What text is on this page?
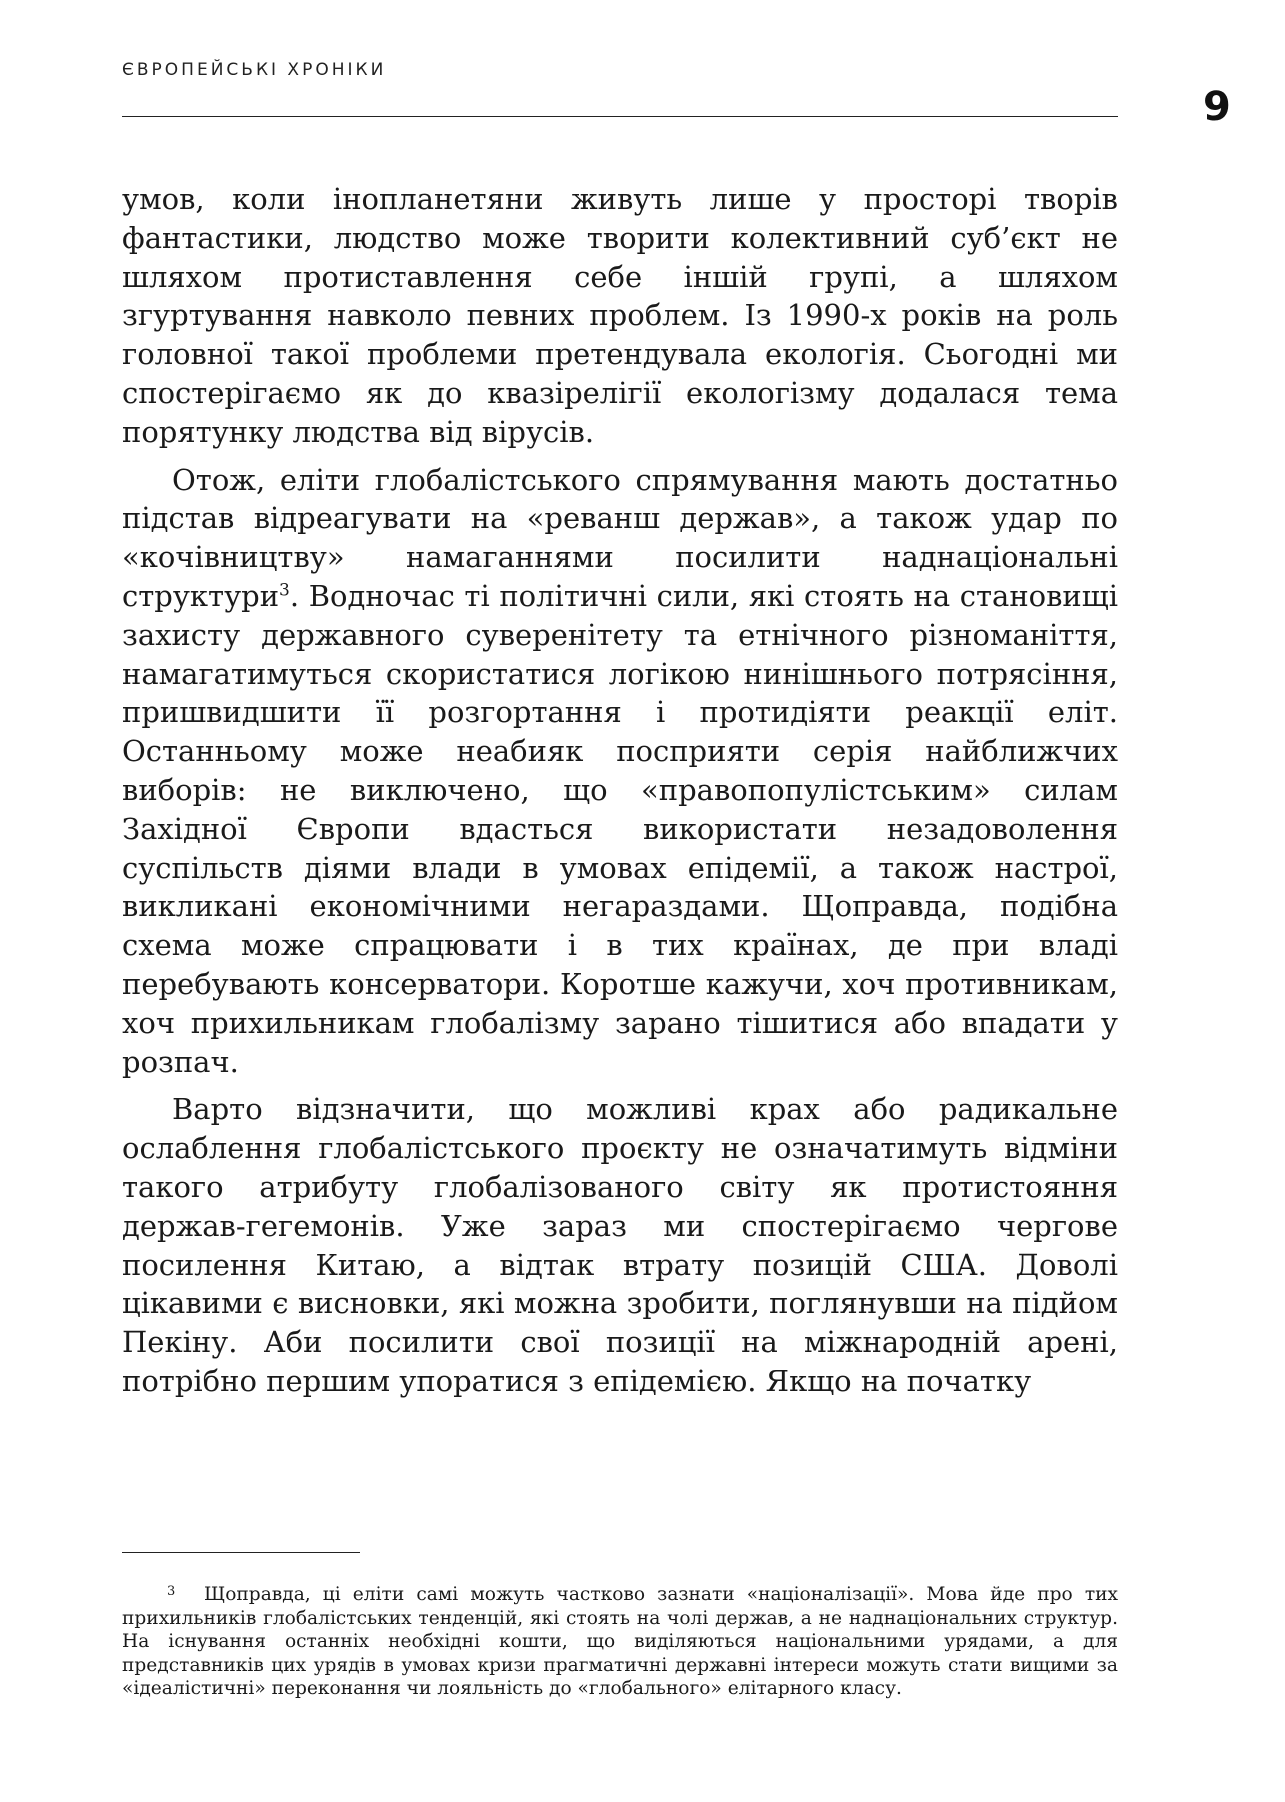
ЄВРОПЕЙСЬКІ ХРОНІКИ
9

умов, коли інопланетяни живуть лише у просторі творів фантастики, людство може творити колективний суб’єкт не шляхом протиставлення себе іншій групі, а шляхом згуртування навколо певних проблем. Із 1990-х років на роль головної такої проблеми претендувала екологія. Сьогодні ми спостерігаємо як до квазірелігії екологізму додалася тема порятунку людства від вірусів.

Отож, еліти глобалістського спрямування мають достатньо підстав відреагувати на «реванш держав», а також удар по «кочівництву» намаганнями посилити наднаціональні структури$^3$. Водночас ті політичні сили, які стоять на становищі захисту державного суверенітету та етнічного різноманіття, намагатимуться скористатися логікою нинішнього потрясіння, пришвидшити її розгортання і протидіяти реакції еліт. Останньому може неабияк посприяти серія найближчих виборів: не виключено, що «правопопулістським» силам Західної Європи вдасться використати незадоволення суспільств діями влади в умовах епідемії, а також настрої, викликані економічними негараздами. Щоправда, подібна схема може спрацювати і в тих країнах, де при владі перебувають консерватори. Коротше кажучи, хоч противникам, хоч прихильникам глобалізму зарано тішитися або впадати у розпач.

Варто відзначити, що можливі крах або радикальне ослаблення глобалістського проєкту не означатимуть відміни такого атрибуту глобалізованого світу як протистояння держав-гегемонів. Уже зараз ми спостерігаємо чергове посилення Китаю, а відтак втрату позицій США. Доволі цікавими є висновки, які можна зробити, поглянувши на підйом Пекіну. Аби посилити свої позиції на міжнародній арені, потрібно першим упоратися з епідемією. Якщо на початку

3 Щоправда, ці еліти самі можуть частково зазнати «націоналізації». Мова йде про тих прихильників глобалістських тенденцій, які стоять на чолі держав, а не наднаціональних структур. На існування останніх необхідні кошти, що виділяються національними урядами, а для представників цих урядів в умовах кризи прагматичні державні інтереси можуть стати вищими за «ідеалістичні» переконання чи лояльність до «глобального» елітарного класу.
